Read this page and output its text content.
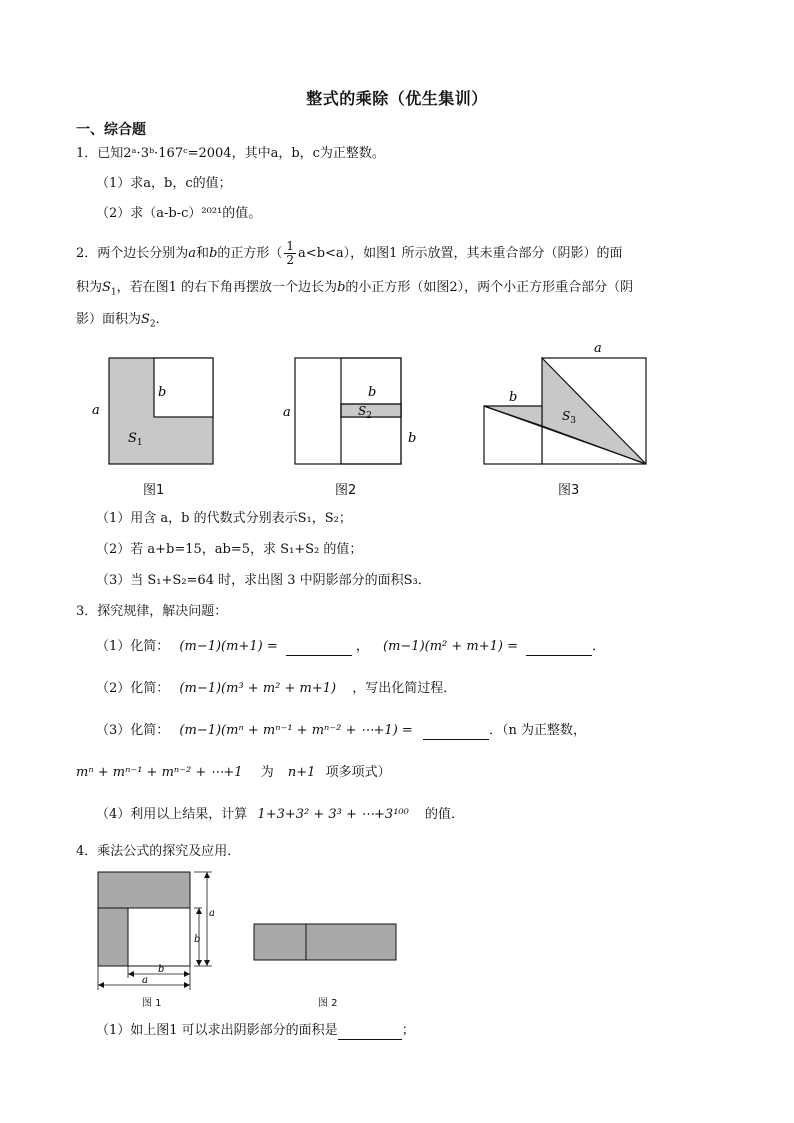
整式的乘除（优生集训）
一、综合题
1．已知2ᵃ·3ᵇ·167ᶜ=2004，其中a，b，c为正整数。
（1）求a，b，c的值；
（2）求（a-b-c）²⁰²¹的值。
2．两个边长分别为a和b的正方形（ $\frac{1}{2} a<b<a$），如图1 所示放置，其未重合部分（阴影）的面
积为$S_1$，若在图1 的右下角再摆放一个边长为b的小正方形（如图2），两个小正方形重合部分（阴
影）面积为$S_2$．
b
a
$S_1$
图1
b
a	$S_2$
b
图2
a
b
$S_3$
图3
（1）用含 a，b 的代数式分别表示S₁，S₂；
（2）若 a+b=15，ab=5，求 S₁+S₂ 的值；
（3）当 S₁+S₂=64 时，求出图 3 中阴影部分的面积S₃．
3．探究规律，解决问题：
（1）化简： (m−1)(m+1) =	， (m−1)(m² + m+1) =	．
（2）化简： (m−1)(m³ + m² + m+1) ，写出化简过程．
（3）化简： (m−1)(mⁿ + mⁿ⁻¹ + mⁿ⁻² + ⋯+1) =	．（n 为正整数，
mⁿ + mⁿ⁻¹ + mⁿ⁻² + ⋯+1 为 n+1 项多项式）
（4）利用以上结果，计算 1+3+3² + 3³ + ⋯+3¹⁰⁰ 的值．
4．乘法公式的探究及应用．
a
b
b
a
图 1	图 2
（1）如上图1 可以求出阴影部分的面积是	；
